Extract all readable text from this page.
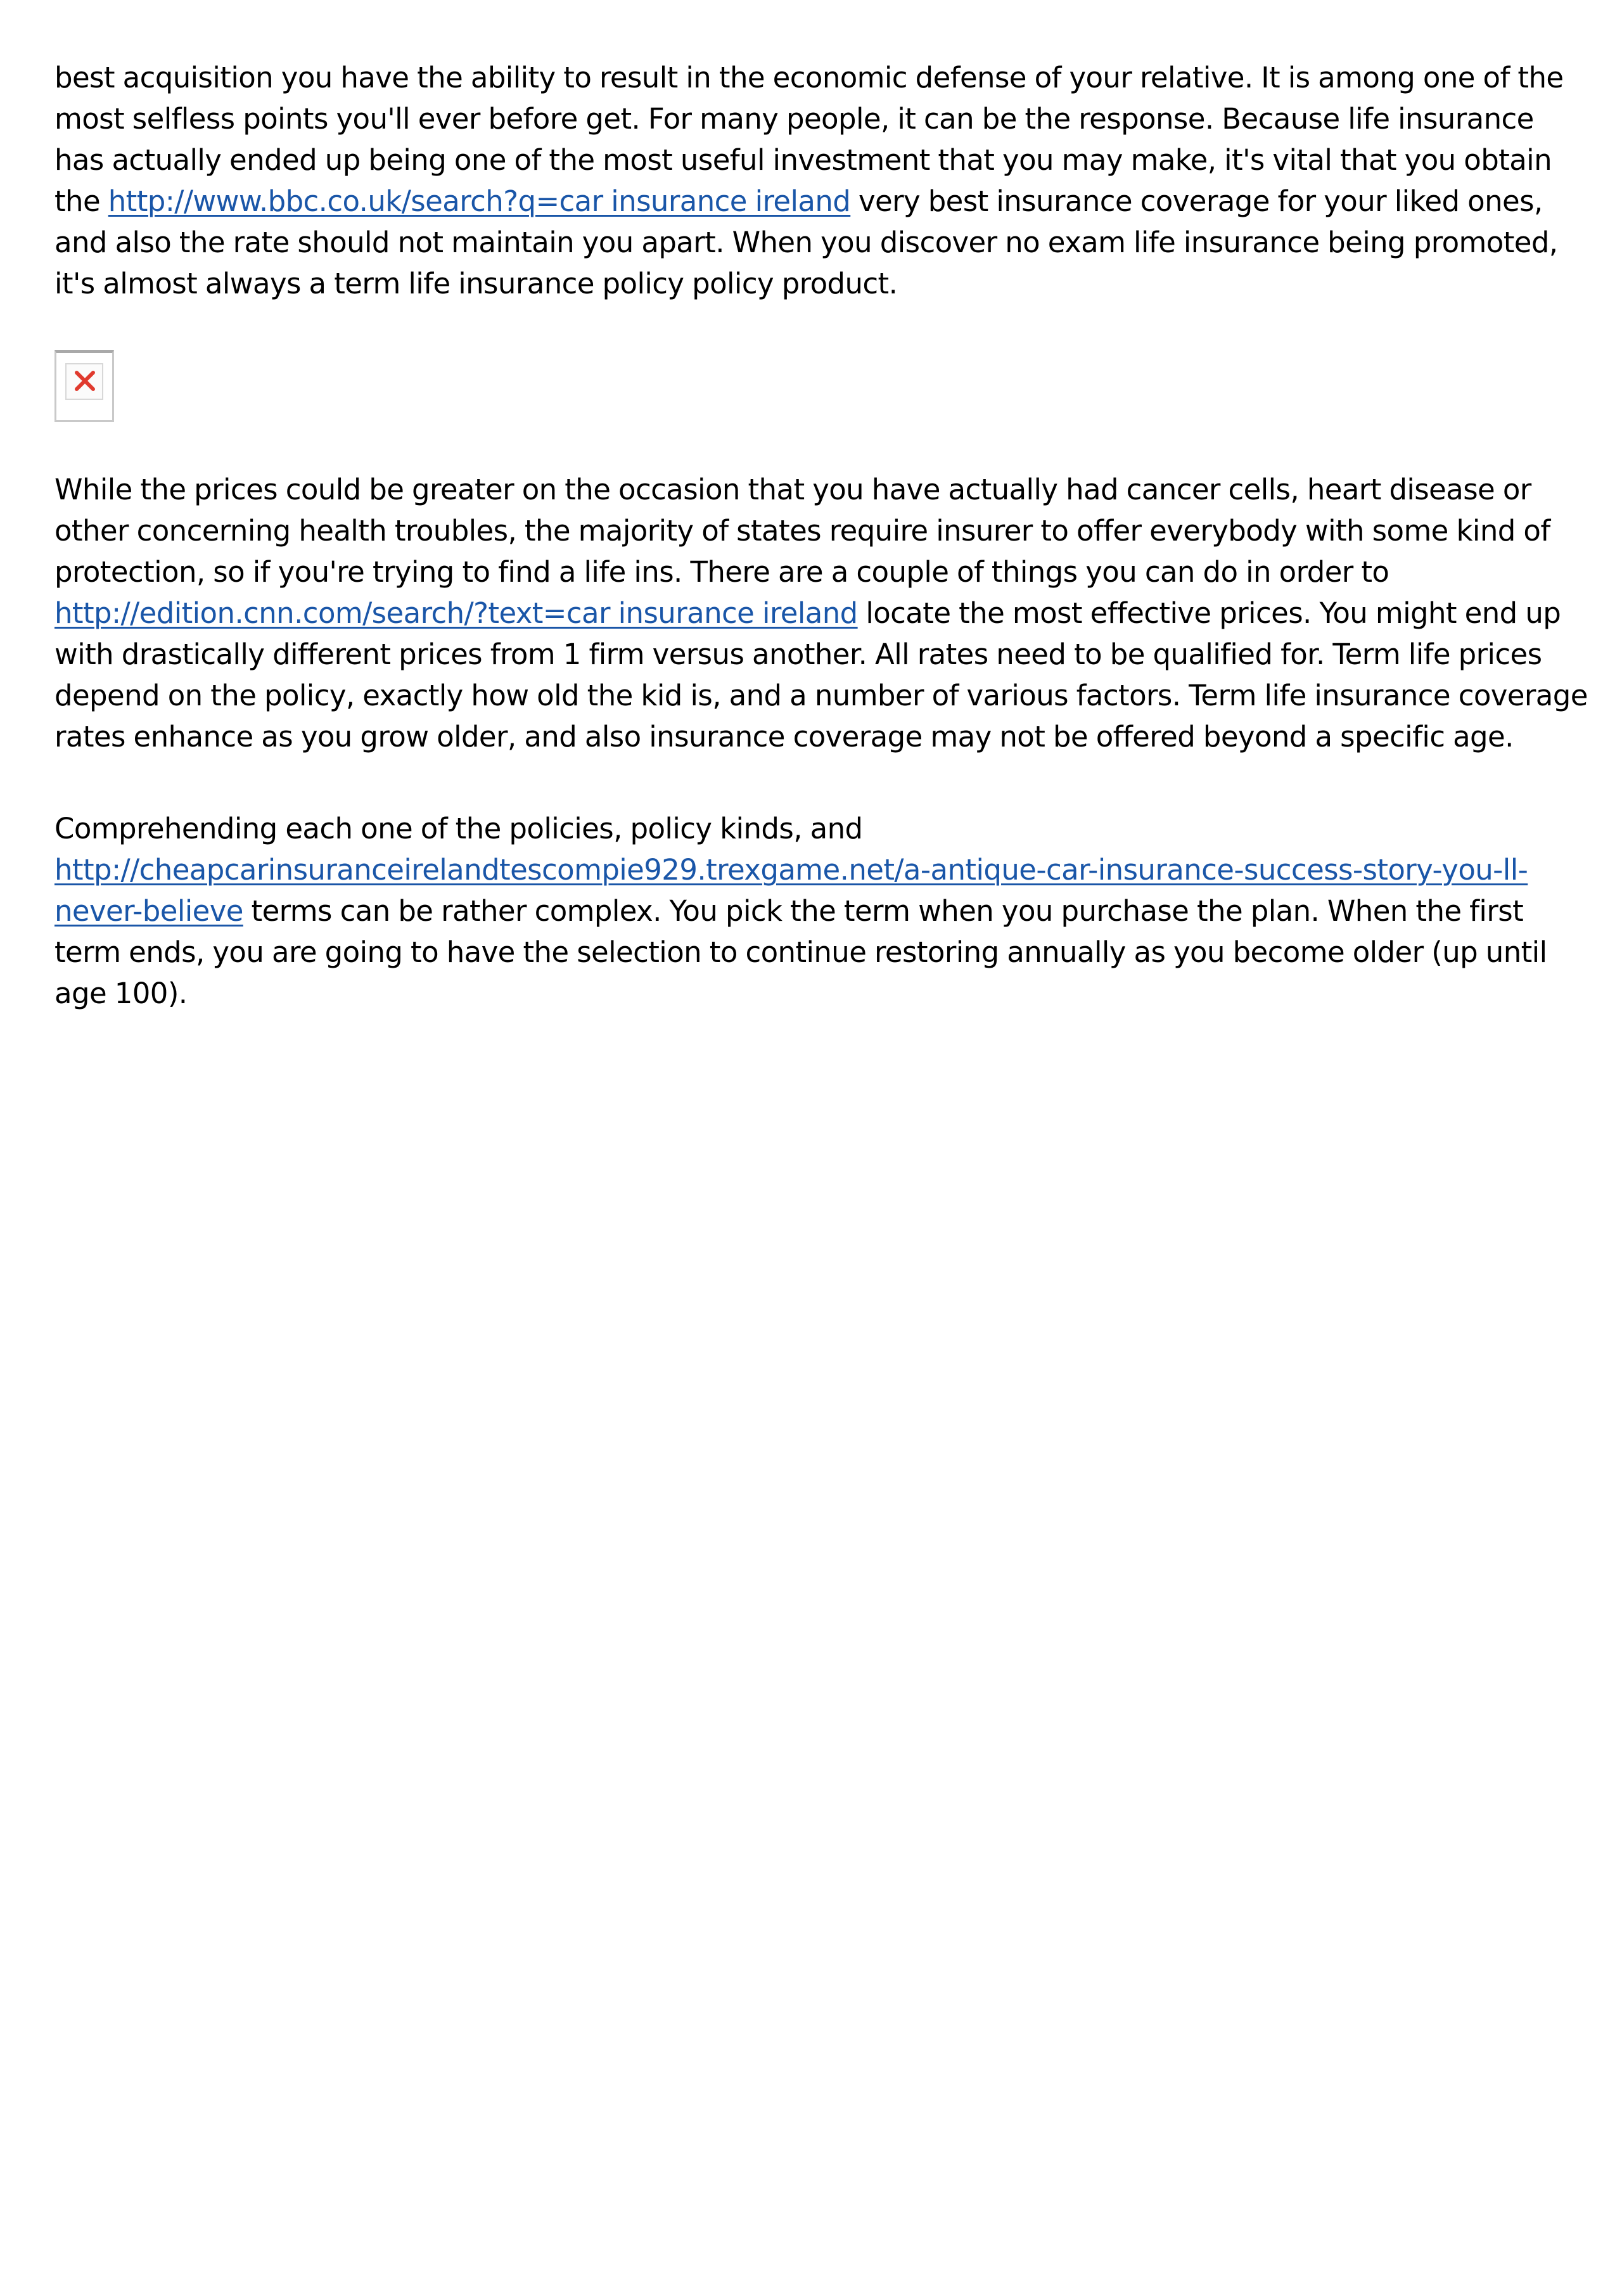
best acquisition you have the ability to result in the economic defense of your relative. It is among one of the most selfless points you'll ever before get. For many people, it can be the response. Because life insurance has actually ended up being one of the most useful investment that you may make, it's vital that you obtain the http://www.bbc.co.uk/search?q=car insurance ireland very best insurance coverage for your liked ones, and also the rate should not maintain you apart. When you discover no exam life insurance being promoted, it's almost always a term life insurance policy policy product.

While the prices could be greater on the occasion that you have actually had cancer cells, heart disease or other concerning health troubles, the majority of states require insurer to offer everybody with some kind of protection, so if you're trying to find a life ins. There are a couple of things you can do in order to http://edition.cnn.com/search/?text=car insurance ireland locate the most effective prices. You might end up with drastically different prices from 1 firm versus another. All rates need to be qualified for. Term life prices depend on the policy, exactly how old the kid is, and a number of various factors. Term life insurance coverage rates enhance as you grow older, and also insurance coverage may not be offered beyond a specific age.

Comprehending each one of the policies, policy kinds, and http://cheapcarinsuranceirelandtescompie929.trexgame.net/a-antique-car-insurance-success-story-you-ll-never-believe terms can be rather complex. You pick the term when you purchase the plan. When the first term ends, you are going to have the selection to continue restoring annually as you become older (up until age 100).
